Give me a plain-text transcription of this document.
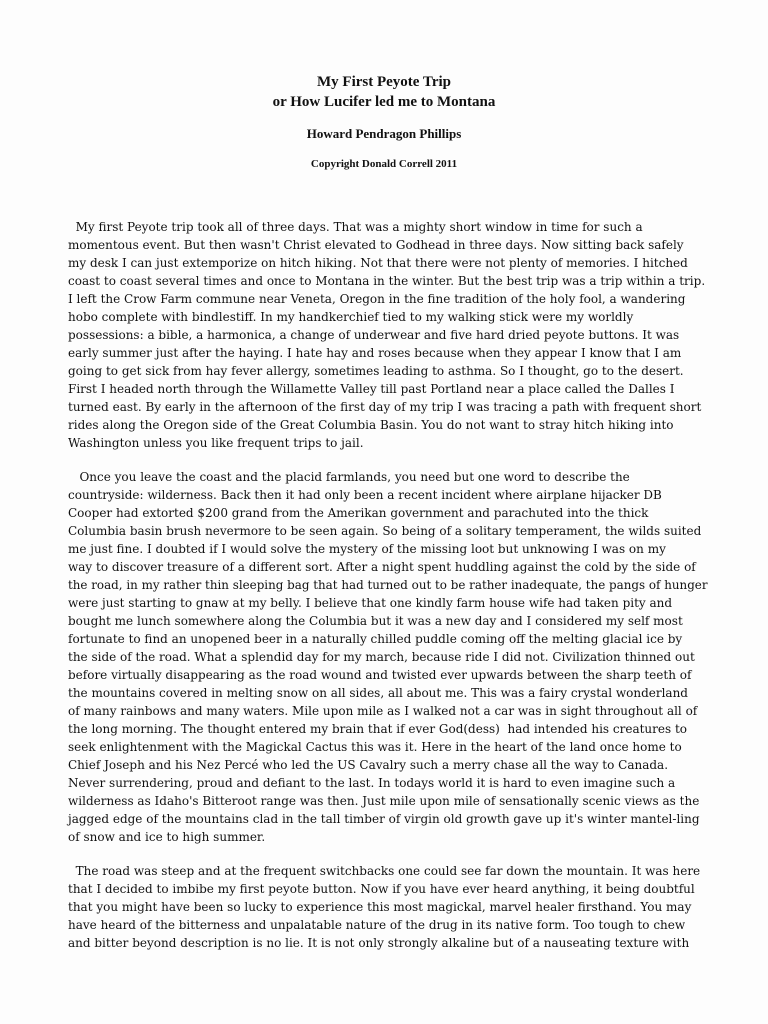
My First Peyote Trip

or How Lucifer led me to Montana

Howard Pendragon Phillips

Copyright Donald Correll 2011

My first Peyote trip took all of three days. That was a mighty short window in time for such a
momentous event. But then wasn't Christ elevated to Godhead in three days. Now sitting back safely
my desk I can just extemporize on hitch hiking. Not that there were not plenty of memories. I hitched
coast to coast several times and once to Montana in the winter. But the best trip was a trip within a trip.
I left the Crow Farm commune near Veneta, Oregon in the fine tradition of the holy fool, a wandering
hobo complete with bindlestiff. In my handkerchief tied to my walking stick were my worldly
possessions: a bible, a harmonica, a change of underwear and five hard dried peyote buttons. It was
early summer just after the haying. I hate hay and roses because when they appear I know that I am
going to get sick from hay fever allergy, sometimes leading to asthma. So I thought, go to the desert.
First I headed north through the Willamette Valley till past Portland near a place called the Dalles I
turned east. By early in the afternoon of the first day of my trip I was tracing a path with frequent short
rides along the Oregon side of the Great Columbia Basin. You do not want to stray hitch hiking into
Washington unless you like frequent trips to jail.
Once you leave the coast and the placid farmlands, you need but one word to describe the
countryside: wilderness. Back then it had only been a recent incident where airplane hijacker DB
Cooper had extorted $200 grand from the Amerikan government and parachuted into the thick
Columbia basin brush nevermore to be seen again. So being of a solitary temperament, the wilds suited
me just fine. I doubted if I would solve the mystery of the missing loot but unknowing I was on my
way to discover treasure of a different sort. After a night spent huddling against the cold by the side of
the road, in my rather thin sleeping bag that had turned out to be rather inadequate, the pangs of hunger
were just starting to gnaw at my belly. I believe that one kindly farm house wife had taken pity and
bought me lunch somewhere along the Columbia but it was a new day and I considered my self most
fortunate to find an unopened beer in a naturally chilled puddle coming off the melting glacial ice by
the side of the road. What a splendid day for my march, because ride I did not. Civilization thinned out
before virtually disappearing as the road wound and twisted ever upwards between the sharp teeth of
the mountains covered in melting snow on all sides, all about me. This was a fairy crystal wonderland
of many rainbows and many waters. Mile upon mile as I walked not a car was in sight throughout all of
the long morning. The thought entered my brain that if ever God(dess)  had intended his creatures to
seek enlightenment with the Magickal Cactus this was it. Here in the heart of the land once home to
Chief Joseph and his Nez Percé who led the US Cavalry such a merry chase all the way to Canada.
Never surrendering, proud and defiant to the last. In todays world it is hard to even imagine such a
wilderness as Idaho's Bitteroot range was then. Just mile upon mile of sensationally scenic views as the
jagged edge of the mountains clad in the tall timber of virgin old growth gave up it's winter mantel-ling
of snow and ice to high summer.
The road was steep and at the frequent switchbacks one could see far down the mountain. It was here
that I decided to imbibe my first peyote button. Now if you have ever heard anything, it being doubtful
that you might have been so lucky to experience this most magickal, marvel healer firsthand. You may
have heard of the bitterness and unpalatable nature of the drug in its native form. Too tough to chew
and bitter beyond description is no lie. It is not only strongly alkaline but of a nauseating texture with
